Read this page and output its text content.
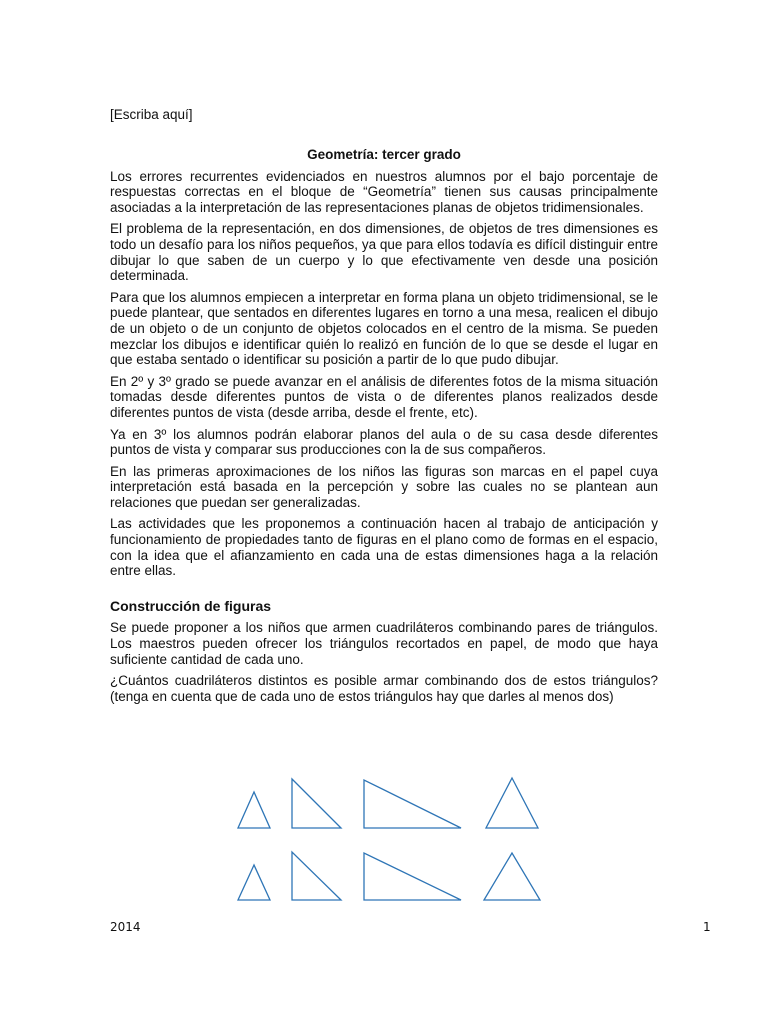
[Escriba aquí]

Geometría: tercer grado

Los errores recurrentes evidenciados en nuestros alumnos por el bajo porcentaje de respuestas correctas en el bloque de “Geometría” tienen sus causas principalmente asociadas a la interpretación de las representaciones planas de objetos tridimensionales.

El problema de la representación, en dos dimensiones, de objetos de tres dimensiones es todo un desafío para los niños pequeños, ya que para ellos todavía es difícil distinguir entre dibujar lo que saben de un cuerpo y lo que efectivamente ven desde una posición determinada.

Para que los alumnos empiecen a interpretar en forma plana un objeto tridimensional, se le puede plantear, que sentados en diferentes lugares en torno a una mesa, realicen el dibujo de un objeto o de un conjunto de objetos colocados en el centro de la misma. Se pueden mezclar los dibujos e identificar quién lo realizó en función de lo que se desde el lugar en que estaba sentado o identificar su posición a partir de lo que pudo dibujar.

En 2º y 3º grado se puede avanzar en el análisis de diferentes fotos de la misma situación tomadas desde diferentes puntos de vista o de diferentes planos realizados desde diferentes puntos de vista (desde arriba, desde el frente, etc).

Ya en 3º los alumnos podrán elaborar planos del aula o de su casa desde diferentes puntos de vista y comparar sus producciones con la de sus compañeros.

En las primeras aproximaciones de los niños las figuras son marcas en el papel cuya interpretación está basada en la percepción y sobre las cuales no se plantean aun relaciones que puedan ser generalizadas.

Las actividades que les proponemos a continuación hacen al trabajo de anticipación y funcionamiento de propiedades tanto de figuras en el plano como de formas en el espacio, con la idea que el afianzamiento en cada una de estas dimensiones haga a la relación entre ellas.

Construcción de figuras

Se puede proponer a los niños que armen cuadriláteros combinando pares de triángulos. Los maestros pueden ofrecer los triángulos recortados en papel, de modo que haya suficiente cantidad de cada uno.

¿Cuántos cuadriláteros distintos es posible armar combinando dos de estos triángulos? (tenga en cuenta que de cada uno de estos triángulos hay que darles al menos dos)

2014	1
